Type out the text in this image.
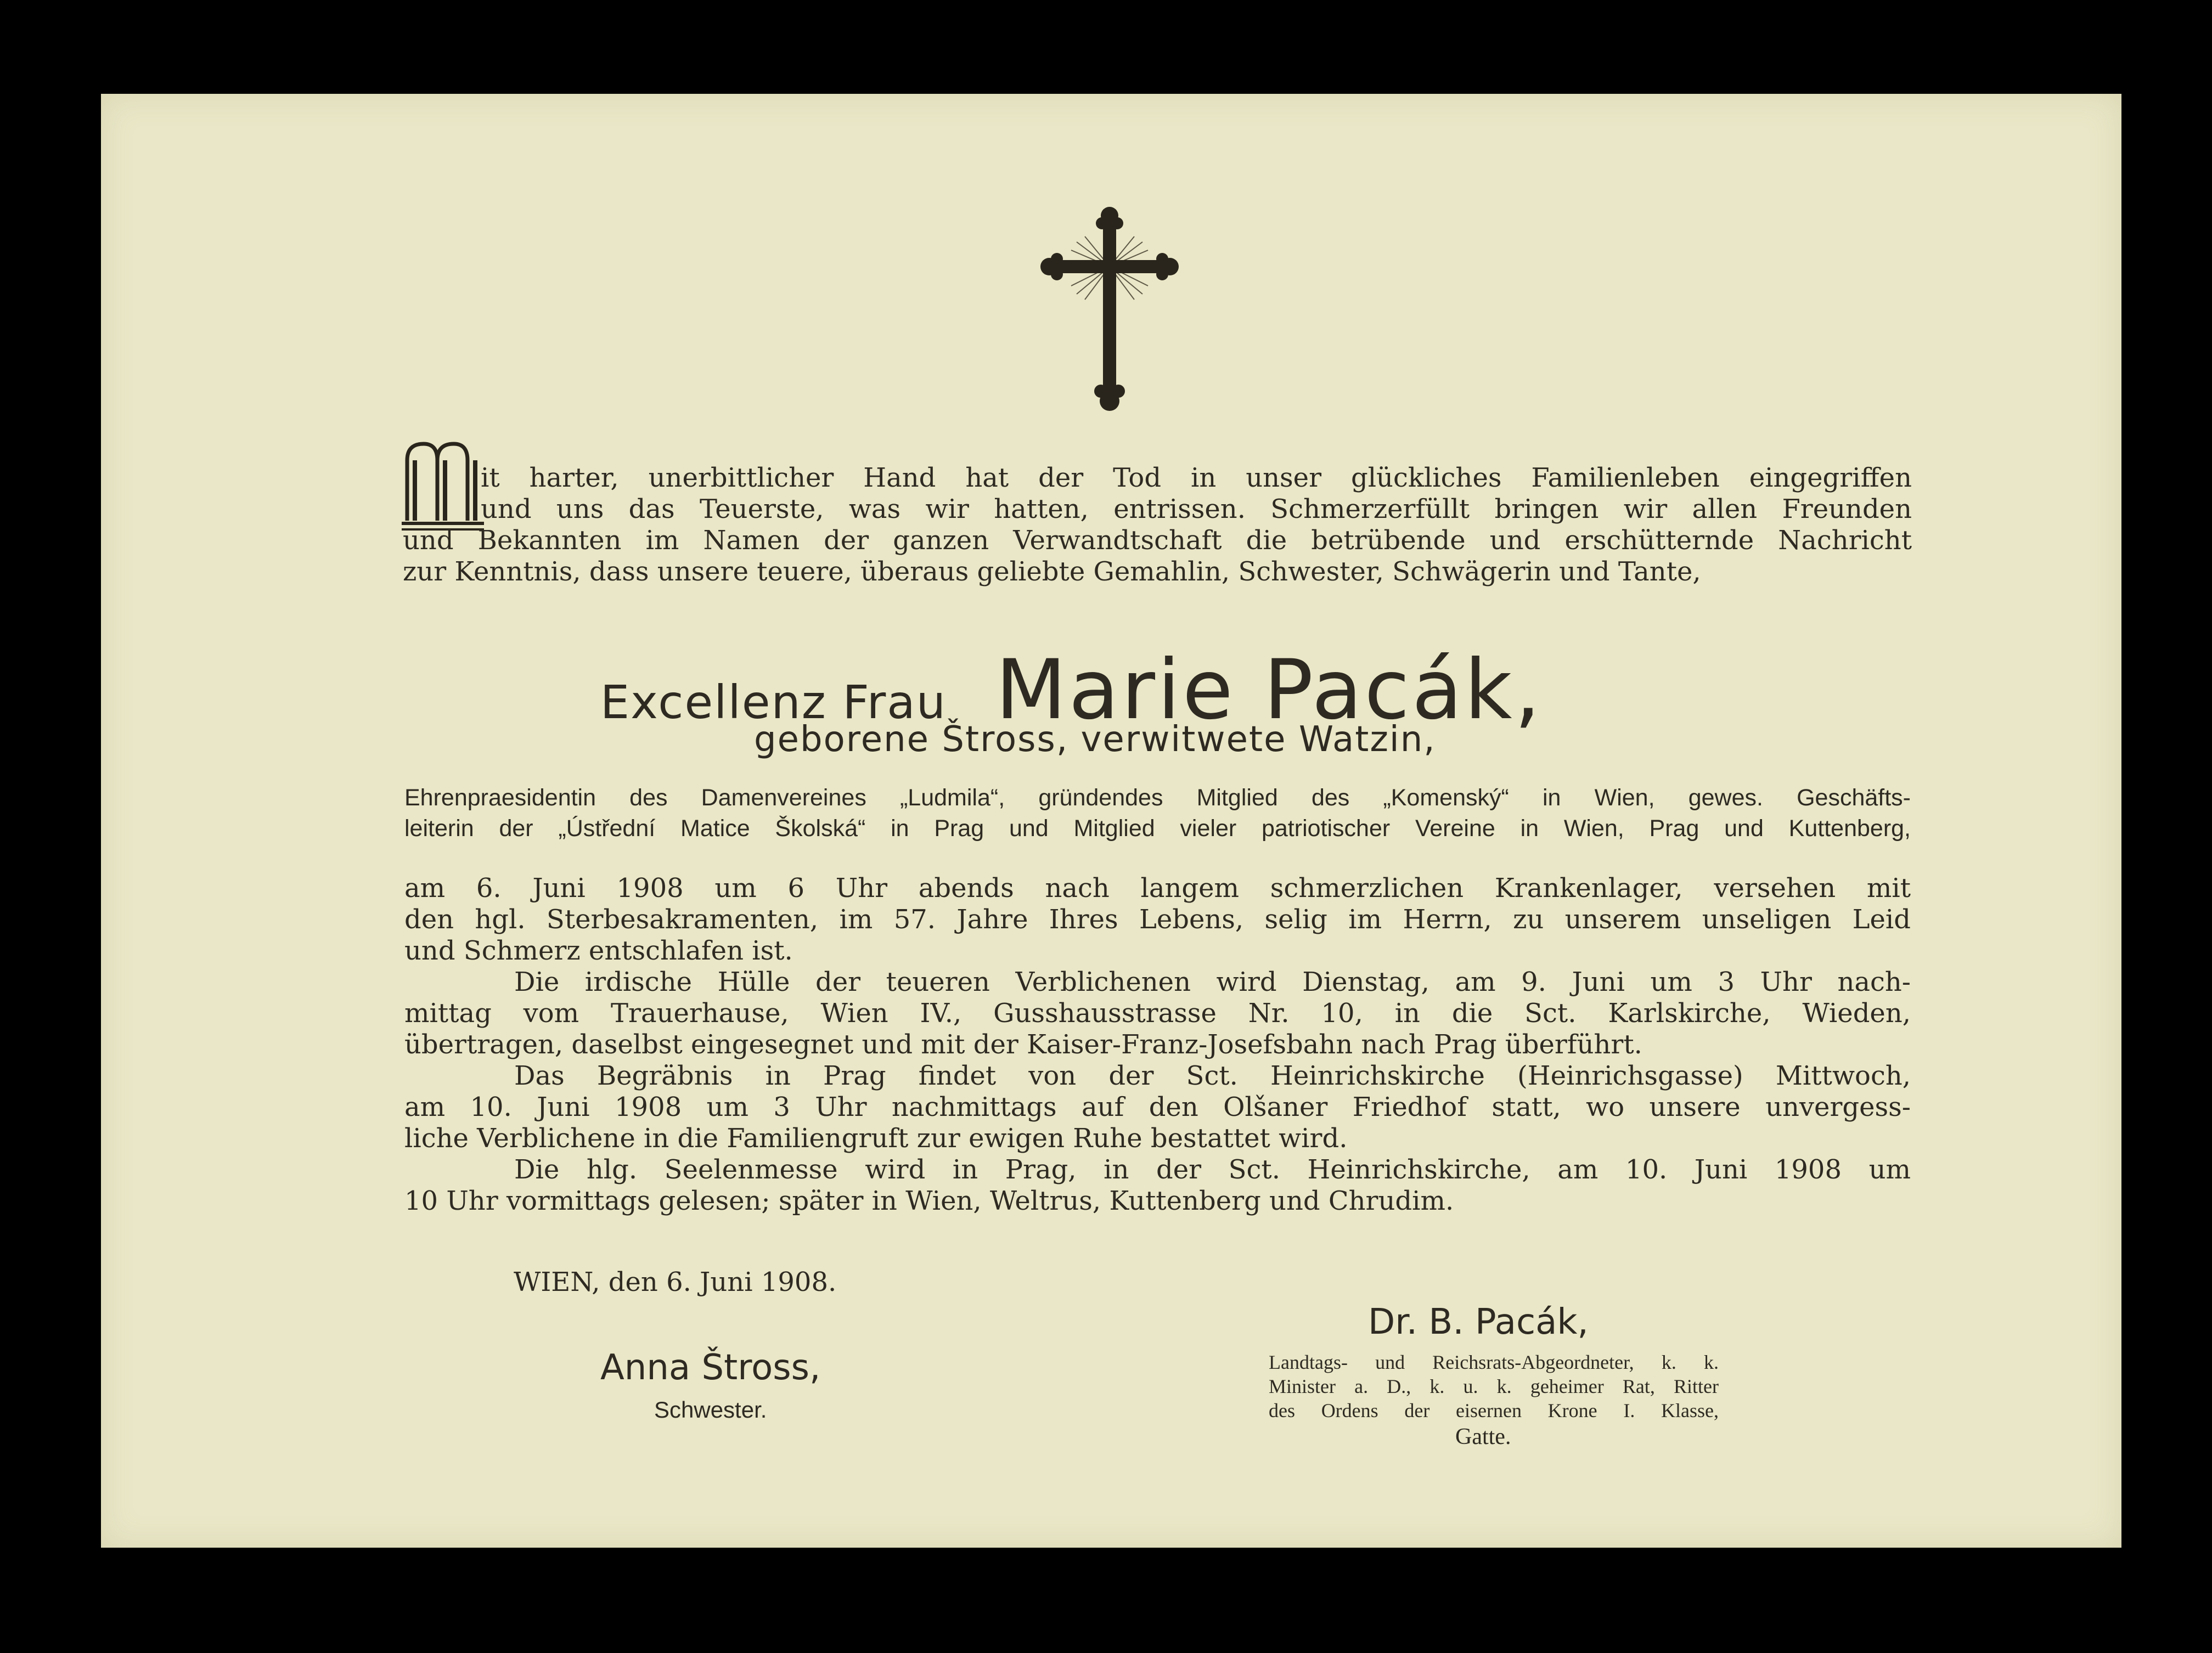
it harter, unerbittlicher Hand hat der Tod in unser glückliches Familienleben eingegriffen
und uns das Teuerste, was wir hatten, entrissen. Schmerzerfüllt bringen wir allen Freunden
und Bekannten im Namen der ganzen Verwandtschaft die betrübende und erschütternde Nachricht
zur Kenntnis, dass unsere teuere, überaus geliebte Gemahlin, Schwester, Schwägerin und Tante,
Excellenz Frau Marie Pacák,
geborene Štross, verwitwete Watzin,
Ehrenpraesidentin des Damenvereines „Ludmila“, gründendes Mitglied des „Komenský“ in Wien, gewes. Geschäfts-
leiterin der „Ústřední Matice Školská“ in Prag und Mitglied vieler patriotischer Vereine in Wien, Prag und Kuttenberg,
am 6. Juni 1908 um 6 Uhr abends nach langem schmerzlichen Krankenlager, versehen mit
den hgl. Sterbesakramenten, im 57. Jahre Ihres Lebens, selig im Herrn, zu unserem unseligen Leid
und Schmerz entschlafen ist.
Die irdische Hülle der teueren Verblichenen wird Dienstag, am 9. Juni um 3 Uhr nach-
mittag vom Trauerhause, Wien IV., Gusshausstrasse Nr. 10, in die Sct. Karlskirche, Wieden,
übertragen, daselbst eingesegnet und mit der Kaiser-Franz-Josefsbahn nach Prag überführt.
Das Begräbnis in Prag findet von der Sct. Heinrichskirche (Heinrichsgasse) Mittwoch,
am 10. Juni 1908 um 3 Uhr nachmittags auf den Olšaner Friedhof statt, wo unsere unvergess-
liche Verblichene in die Familiengruft zur ewigen Ruhe bestattet wird.
Die hlg. Seelenmesse wird in Prag, in der Sct. Heinrichskirche, am 10. Juni 1908 um
10 Uhr vormittags gelesen; später in Wien, Weltrus, Kuttenberg und Chrudim.
WIEN, den 6. Juni 1908.
Anna Štross,
Schwester.
Dr. B. Pacák,
Landtags- und Reichsrats-Abgeordneter, k. k.
Minister a. D., k. u. k. geheimer Rat, Ritter
des Ordens der eisernen Krone I. Klasse,
Gatte.
